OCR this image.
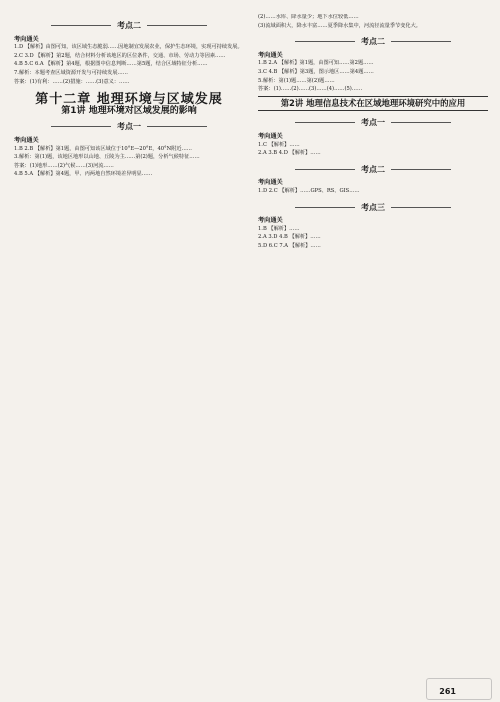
考点二
考向通关
1.D 【解析】由图可知，该区域生态脆弱……因地制宜发展农业，保护生态环境，实现可持续发展。
2.C 3.D 【解析】第2题，结合材料分析该地区的区位条件，交通、市场、劳动力等因素……
4.B 5.C 6.A 【解析】第4题，根据图中信息判断……第5题，结合区域特征分析……
7.解析：本题考查区域资源开发与可持续发展……
答案：(1)有利：……(2)措施：……(3)意义：……
第十二章 地理环境与区域发展
第1讲 地理环境对区域发展的影响
考点一
考向通关
1.B 2.B 【解析】第1题，由图可知该区域位于10°E—20°E，40°N附近……
3.解析：第(1)题，该地区地形以山地、丘陵为主……第(2)题，分析气候特征……
答案：(1)地形……(2)气候……(3)河流……
4.B 5.A 【解析】第4题，甲、丙两地自然环境差异明显……
(2)……水库、降水量少；地下水位较低……
(3)流域面积大，降水丰富……夏季降水集中，河流径流量季节变化大。
考点二
考向通关
1.B 2.A 【解析】第1题，由图可知……第2题……
3.C 4.B 【解析】第3题，图示地区……第4题……
5.解析：第(1)题……第(2)题……
答案：(1)……(2)……(3)……(4)……(5)……
第2讲 地理信息技术在区域地理环境研究中的应用
考点一
考向通关
1.C 【解析】……
2.A 3.B 4.D 【解析】……
考点二
考向通关
1.D 2.C 【解析】……GPS、RS、GIS……
考点三
考向通关
1.B 【解析】……
2.A 3.D 4.B 【解析】……
5.D 6.C 7.A 【解析】……
261
